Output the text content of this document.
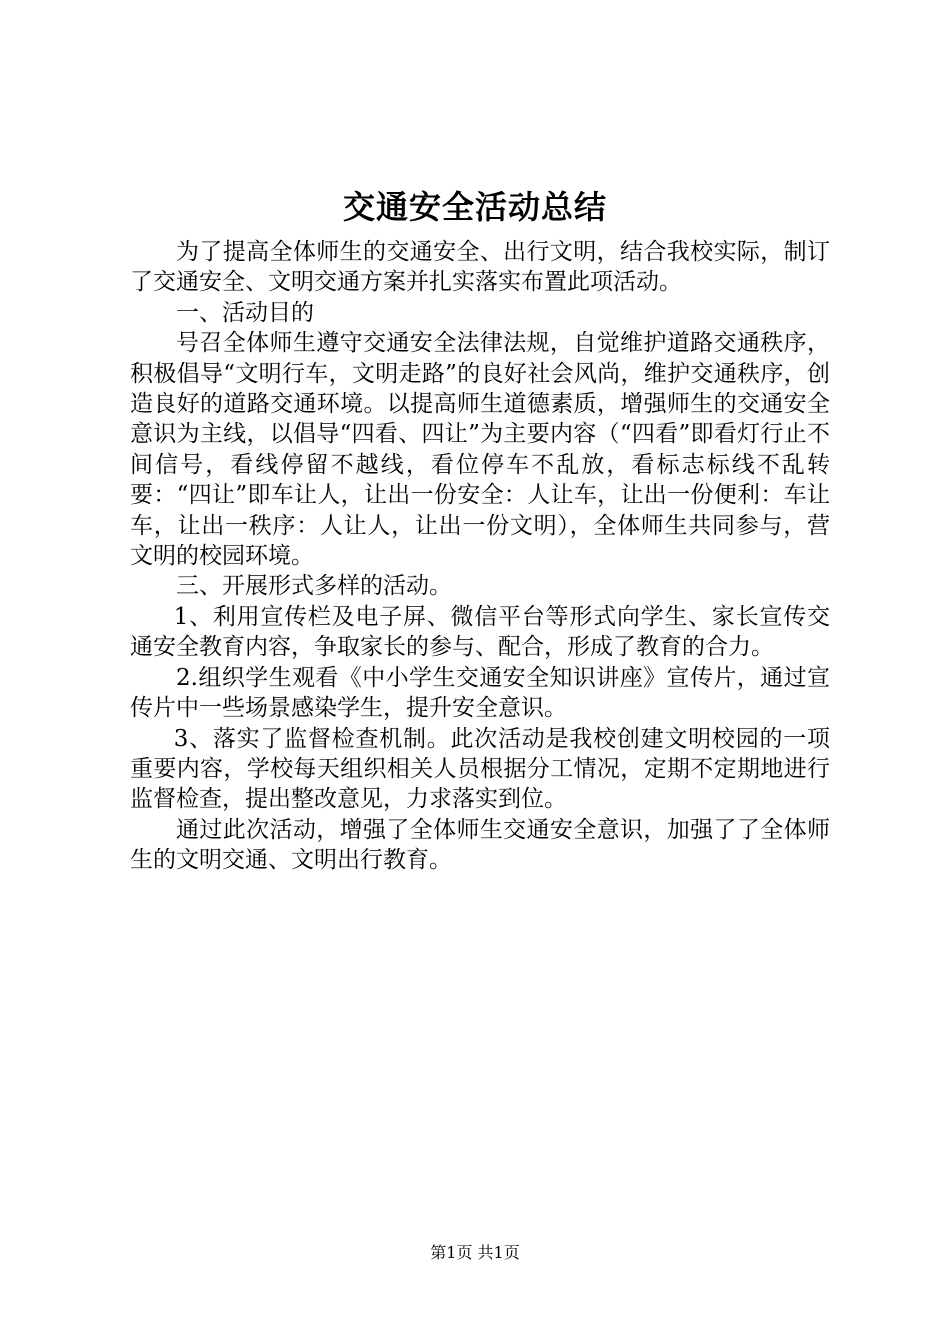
交通安全活动总结

为了提高全体师生的交通安全、出行文明，结合我校实际，制订了交通安全、文明交通方案并扎实落实布置此项活动。

一、活动目的

号召全体师生遵守交通安全法律法规，自觉维护道路交通秩序，积极倡导“文明行车，文明走路”的良好社会风尚，维护交通秩序，创造良好的道路交通环境。以提高师生道德素质，增强师生的交通安全意识为主线，以倡导“四看、四让”为主要内容（“四看”即看灯行止不间信号，看线停留不越线，看位停车不乱放，看标志标线不乱转要：“四让”即车让人，让出一份安全：人让车，让出一份便利：车让车，让出一秩序：人让人，让出一份文明），全体师生共同参与，营文明的校园环境。

三、开展形式多样的活动。

1、利用宣传栏及电子屏、微信平台等形式向学生、家长宣传交通安全教育内容，争取家长的参与、配合，形成了教育的合力。

2.组织学生观看《中小学生交通安全知识讲座》宣传片，通过宣传片中一些场景感染学生，提升安全意识。

3、落实了监督检查机制。此次活动是我校创建文明校园的一项重要内容，学校每天组织相关人员根据分工情况，定期不定期地进行监督检查，提出整改意见，力求落实到位。

通过此次活动，增强了全体师生交通安全意识，加强了了全体师生的文明交通、文明出行教育。

第1页 共1页
